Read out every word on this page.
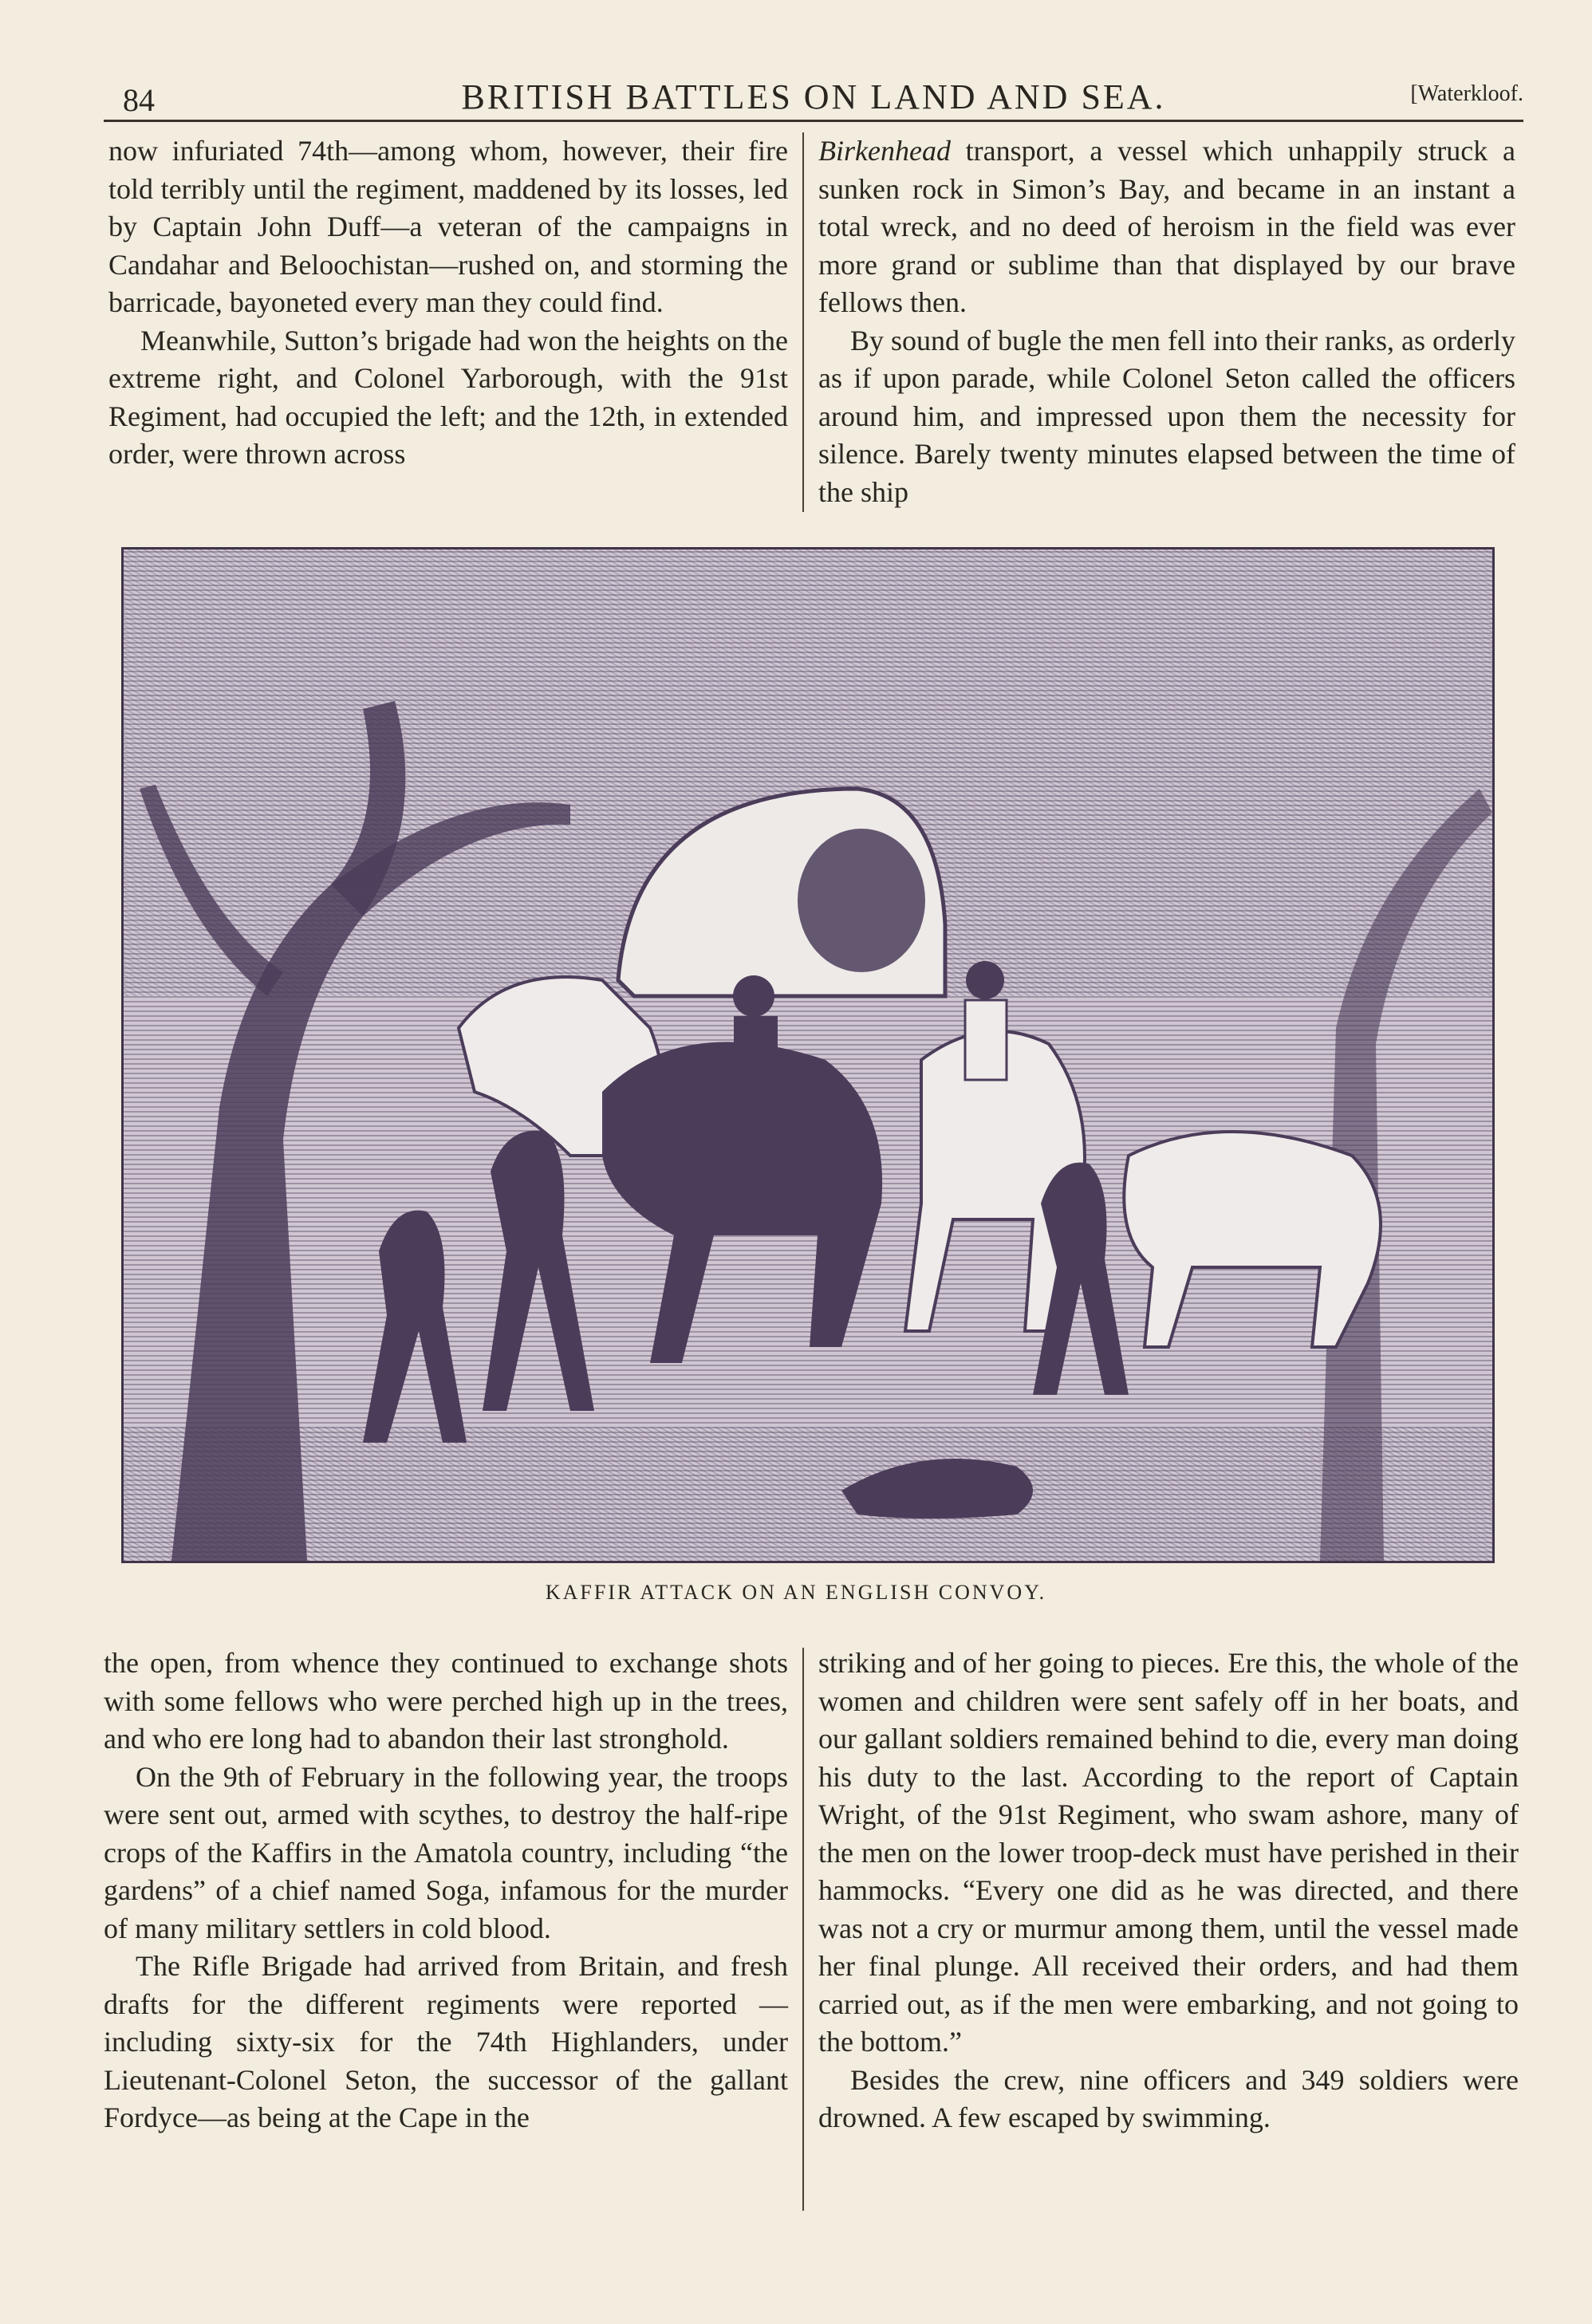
84	BRITISH BATTLES ON LAND AND SEA.	[Waterkloof.

now infuriated 74th—among whom, however, their fire told terribly until the regiment, maddened by its losses, led by Captain John Duff—a veteran of the campaigns in Candahar and Beloochistan—rushed on, and storming the barricade, bayoneted every man they could find.

Meanwhile, Sutton’s brigade had won the heights on the extreme right, and Colonel Yarborough, with the 91st Regiment, had occupied the left; and the 12th, in extended order, were thrown across

Birkenhead transport, a vessel which unhappily struck a sunken rock in Simon’s Bay, and became in an instant a total wreck, and no deed of heroism in the field was ever more grand or sublime than that displayed by our brave fellows then.

By sound of bugle the men fell into their ranks, as orderly as if upon parade, while Colonel Seton called the officers around him, and impressed upon them the necessity for silence. Barely twenty minutes elapsed between the time of the ship

KAFFIR ATTACK ON AN ENGLISH CONVOY.

the open, from whence they continued to exchange shots with some fellows who were perched high up in the trees, and who ere long had to abandon their last stronghold.

On the 9th of February in the following year, the troops were sent out, armed with scythes, to destroy the half-ripe crops of the Kaffirs in the Amatola country, including “the gardens” of a chief named Soga, infamous for the murder of many military settlers in cold blood.

The Rifle Brigade had arrived from Britain, and fresh drafts for the different regiments were reported —including sixty-six for the 74th Highlanders, under Lieutenant-Colonel Seton, the successor of the gallant Fordyce—as being at the Cape in the

striking and of her going to pieces. Ere this, the whole of the women and children were sent safely off in her boats, and our gallant soldiers remained behind to die, every man doing his duty to the last. According to the report of Captain Wright, of the 91st Regiment, who swam ashore, many of the men on the lower troop-deck must have perished in their hammocks. “Every one did as he was directed, and there was not a cry or murmur among them, until the vessel made her final plunge. All received their orders, and had them carried out, as if the men were embarking, and not going to the bottom.”

Besides the crew, nine officers and 349 soldiers were drowned. A few escaped by swimming.
